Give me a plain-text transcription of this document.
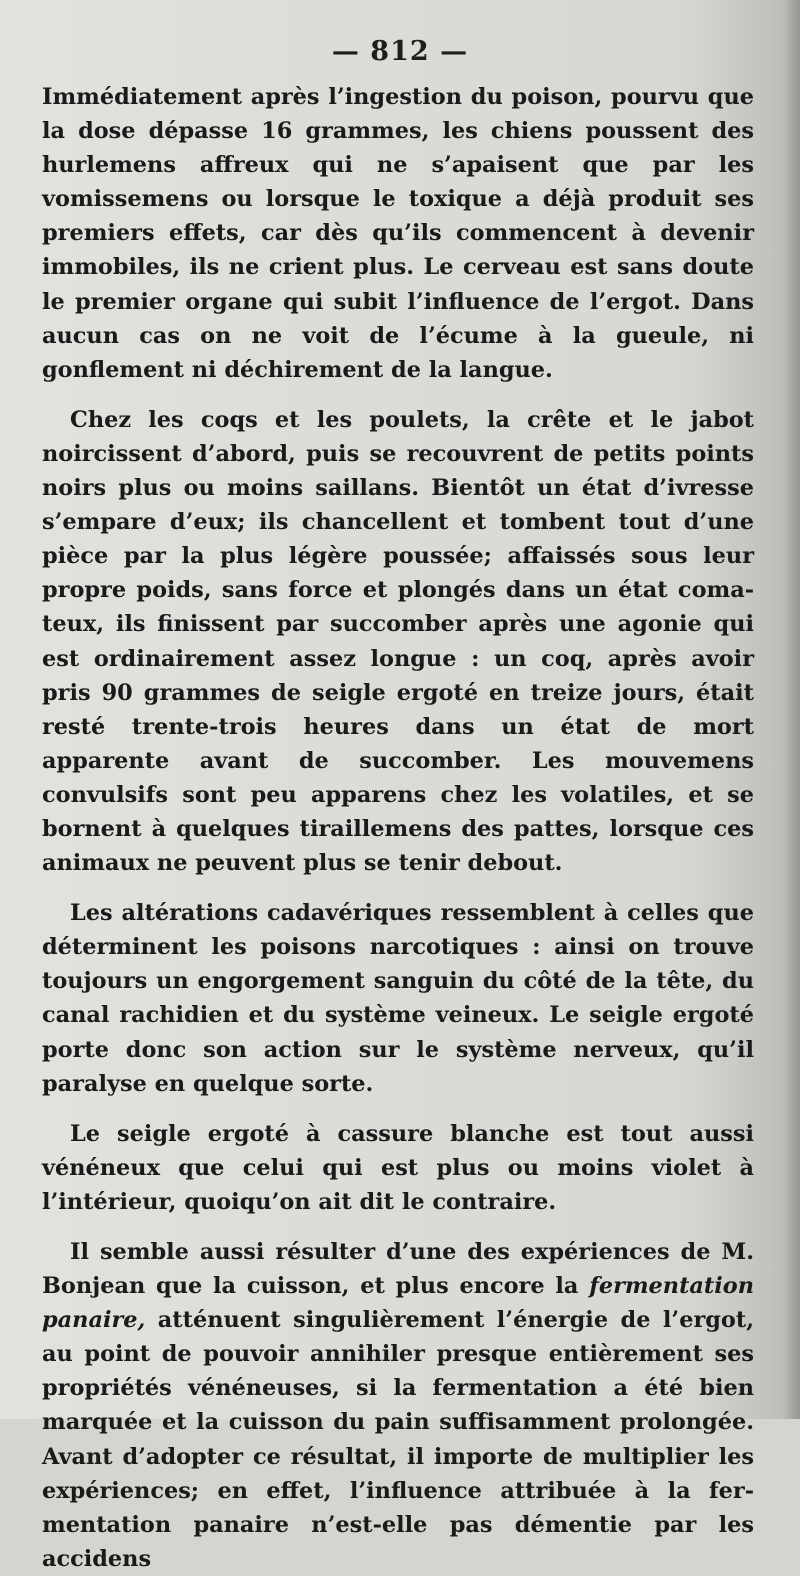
— 812 —

Immédiatement après l’ingestion du poison, pourvu que la dose dépasse 16 grammes, les chiens poussent des hurlemens affreux qui ne s’apaisent que par les vomissemens ou lorsque le toxique a déjà produit ses premiers effets, car dès qu’ils commencent à devenir immobiles, ils ne crient plus. Le cerveau est sans doute le premier organe qui subit l’influence de l’ergot. Dans aucun cas on ne voit de l’écume à la gueule, ni gonflement ni déchirement de la langue.

Chez les coqs et les poulets, la crête et le jabot noircissent d’abord, puis se recouvrent de petits points noirs plus ou moins saillans. Bientôt un état d’ivresse s’empare d’eux; ils chancellent et tombent tout d’une pièce par la plus légère poussée; affaissés sous leur propre poids, sans force et plongés dans un état comateux, ils finissent par succomber après une agonie qui est ordinairement assez longue : un coq, après avoir pris 90 grammes de seigle ergoté en treize jours, était resté trente-trois heures dans un état de mort apparente avant de succomber. Les mouvemens convulsifs sont peu apparens chez les volatiles, et se bornent à quelques tiraillemens des pattes, lorsque ces animaux ne peuvent plus se tenir debout.

Les altérations cadavériques ressemblent à celles que déterminent les poisons narcotiques : ainsi on trouve toujours un engorgement sanguin du côté de la tête, du canal rachidien et du système veineux. Le seigle ergoté porte donc son action sur le système nerveux, qu’il paralyse en quelque sorte.

Le seigle ergoté à cassure blanche est tout aussi vénéneux que celui qui est plus ou moins violet à l’intérieur, quoiqu’on ait dit le contraire.

Il semble aussi résulter d’une des expériences de M. Bonjean que la cuisson, et plus encore la fermentation panaire, atténuent singulièrement l’énergie de l’ergot, au point de pouvoir annihiler presque entièrement ses propriétés vénéneuses, si la fermentation a été bien marquée et la cuisson du pain suffisamment prolongée. Avant d’adopter ce résultat, il importe de multiplier les expériences; en effet, l’influence attribuée à la fermentation panaire n’est-elle pas démentie par les accidens
